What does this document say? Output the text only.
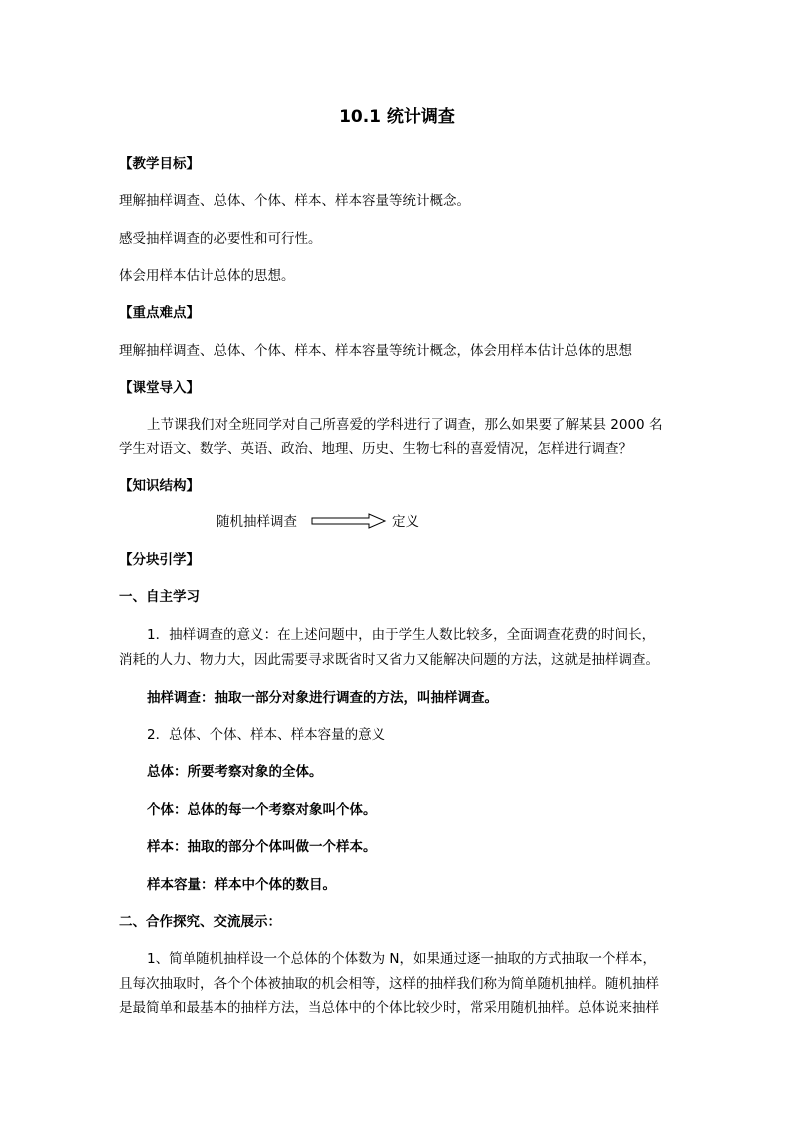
10.1 统计调查
【教学目标】
理解抽样调查、总体、个体、样本、样本容量等统计概念。
感受抽样调查的必要性和可行性。
体会用样本估计总体的思想。
【重点难点】
理解抽样调查、总体、个体、样本、样本容量等统计概念，体会用样本估计总体的思想
【课堂导入】
上节课我们对全班同学对自己所喜爱的学科进行了调查，那么如果要了解某县 2000 名
学生对语文、数学、英语、政治、地理、历史、生物七科的喜爱情况，怎样进行调查？
【知识结构】
随机抽样调查	定义
【分块引学】
一、自主学习
1．抽样调查的意义：在上述问题中，由于学生人数比较多，全面调查花费的时间长，
消耗的人力、物力大，因此需要寻求既省时又省力又能解决问题的方法，这就是抽样调查。
抽样调查：抽取一部分对象进行调查的方法，叫抽样调查。
2．总体、个体、样本、样本容量的意义
总体：所要考察对象的全体。
个体：总体的每一个考察对象叫个体。
样本：抽取的部分个体叫做一个样本。
样本容量：样本中个体的数目。
二、合作探究、交流展示：
1、简单随机抽样设一个总体的个体数为 N，如果通过逐一抽取的方式抽取一个样本，
且每次抽取时，各个个体被抽取的机会相等，这样的抽样我们称为简单随机抽样。随机抽样
是最简单和最基本的抽样方法，当总体中的个体比较少时，常采用随机抽样。总体说来抽样
